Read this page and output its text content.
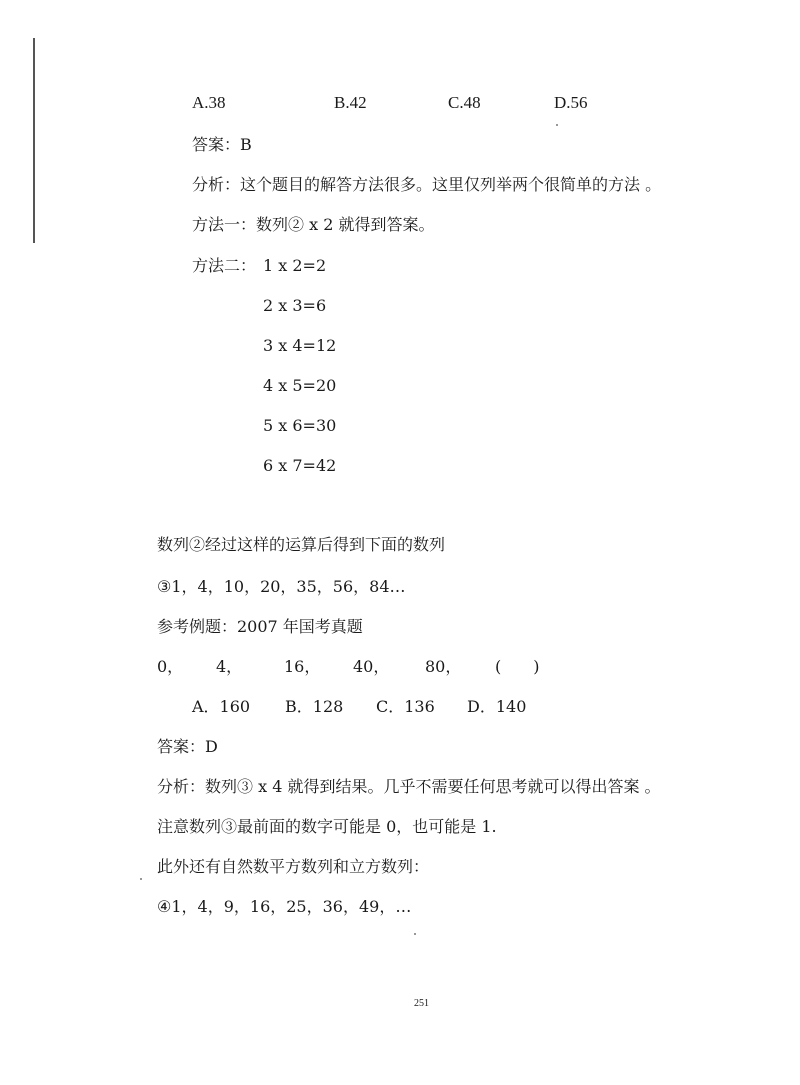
A.38	B.42	C.48	D.56
答案：B
分析：这个题目的解答方法很多。这里仅列举两个很简单的方法 。
方法一：数列② x 2 就得到答案。
方法二： 1 x 2=2
2 x 3=6
3 x 4=12
4 x 5=20
5 x 6=30
6 x 7=42
数列②经过这样的运算后得到下面的数列
③1，4，10，20，35，56，84…
参考例题：2007 年国考真题
0， 4，	16， 40， 80， (　　)
A．160 B．128 C．136 D．140
答案：D
分析：数列③ x 4 就得到结果。几乎不需要任何思考就可以得出答案 。
注意数列③最前面的数字可能是 0，也可能是 1.
此外还有自然数平方数列和立方数列：
④1，4，9，16，25，36，49，…
251
